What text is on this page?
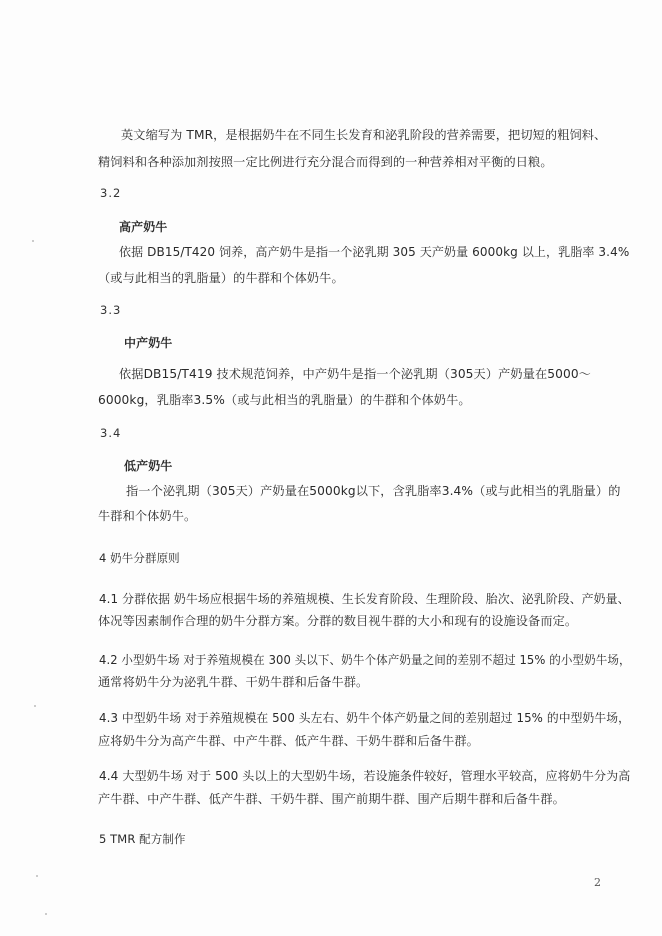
英文缩写为 TMR，是根据奶牛在不同生长发育和泌乳阶段的营养需要，把切短的粗饲料、
精饲料和各种添加剂按照一定比例进行充分混合而得到的一种营养相对平衡的日粮。
3.2
高产奶牛
依据 DB15/T420 饲养，高产奶牛是指一个泌乳期 305 天产奶量 6000kg 以上，乳脂率 3.4%
（或与此相当的乳脂量）的牛群和个体奶牛。
3.3
中产奶牛
依据DB15/T419 技术规范饲养，中产奶牛是指一个泌乳期（305天）产奶量在5000～
6000kg，乳脂率3.5%（或与此相当的乳脂量）的牛群和个体奶牛。
3.4
低产奶牛
指一个泌乳期（305天）产奶量在5000kg以下，含乳脂率3.4%（或与此相当的乳脂量）的
牛群和个体奶牛。
4 奶牛分群原则
4.1 分群依据 奶牛场应根据牛场的养殖规模、生长发育阶段、生理阶段、胎次、泌乳阶段、产奶量、
体况等因素制作合理的奶牛分群方案。分群的数目视牛群的大小和现有的设施设备而定。
4.2 小型奶牛场 对于养殖规模在 300 头以下、奶牛个体产奶量之间的差别不超过 15% 的小型奶牛场，
通常将奶牛分为泌乳牛群、干奶牛群和后备牛群。
4.3 中型奶牛场 对于养殖规模在 500 头左右、奶牛个体产奶量之间的差别超过 15% 的中型奶牛场，
应将奶牛分为高产牛群、中产牛群、低产牛群、干奶牛群和后备牛群。
4.4 大型奶牛场 对于 500 头以上的大型奶牛场，若设施条件较好，管理水平较高，应将奶牛分为高
产牛群、中产牛群、低产牛群、干奶牛群、围产前期牛群、围产后期牛群和后备牛群。
5 TMR 配方制作
2
